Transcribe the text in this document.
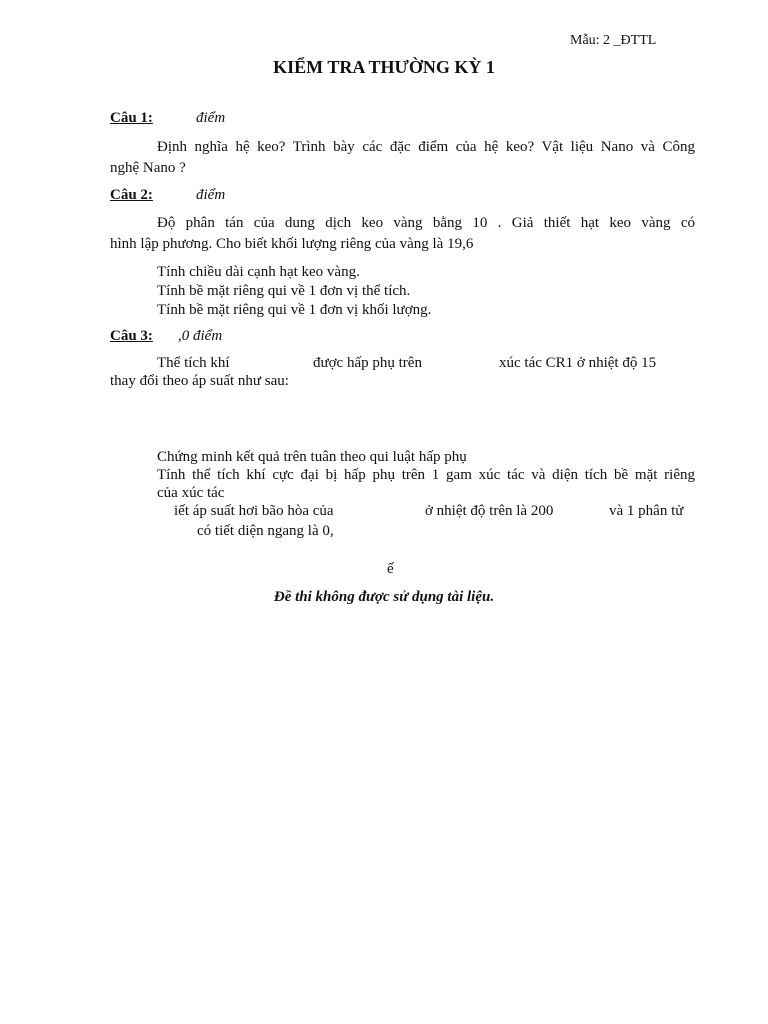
Mẫu: 2 _ĐTTL
KIỂM TRA THƯỜNG KỲ 1
Câu 1:	điểm
Định nghĩa hệ keo? Trình bày các đặc điểm của hệ keo? Vật liệu Nano và Công
nghệ Nano ?
Câu 2:	điểm
Độ phân tán của dung dịch keo vàng bằng 10 . Giả thiết hạt keo vàng có
hình lập phương. Cho biết khối lượng riêng của vàng là 19,6
Tính chiều dài cạnh hạt keo vàng.
Tính bề mặt riêng qui về 1 đơn vị thể tích.
Tính bề mặt riêng qui về 1 đơn vị khối lượng.
Câu 3: ,0 điểm
Thể tích khí	được hấp phụ trên	xúc tác CR1 ở nhiệt độ 15
thay đổi theo áp suất như sau:
Chứng minh kết quả trên tuân theo qui luật hấp phụ
Tính thể tích khí cực đại bị hấp phụ trên 1 gam xúc tác và diện tích bề mặt riêng
của xúc tác
iết áp suất hơi bão hòa của	ở nhiệt độ trên là 200	và 1 phân tử
có tiết diện ngang là 0,
ế
Đề thi không được sử dụng tài liệu.
